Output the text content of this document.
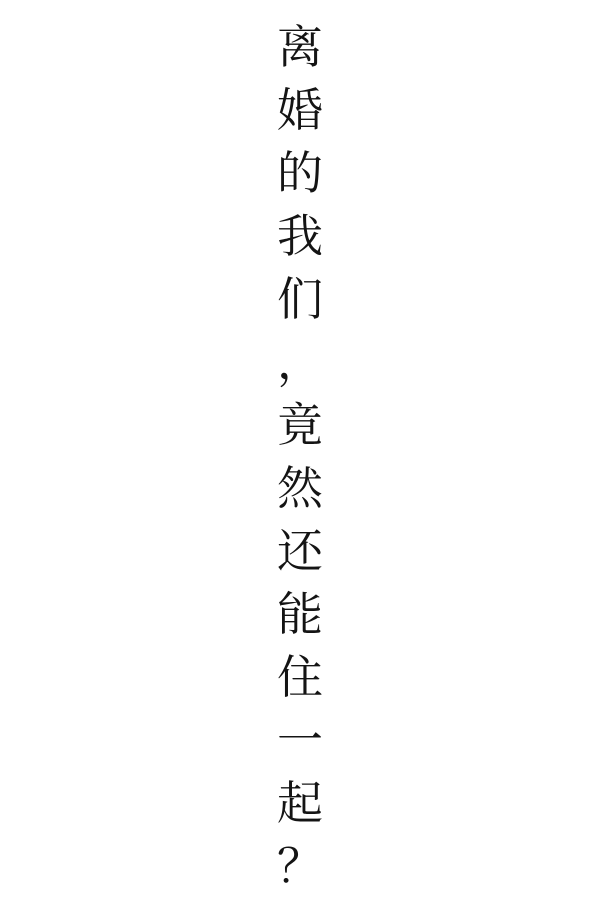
离
婚
的
我
们
，
竟
然
还
能
住
一
起
？
